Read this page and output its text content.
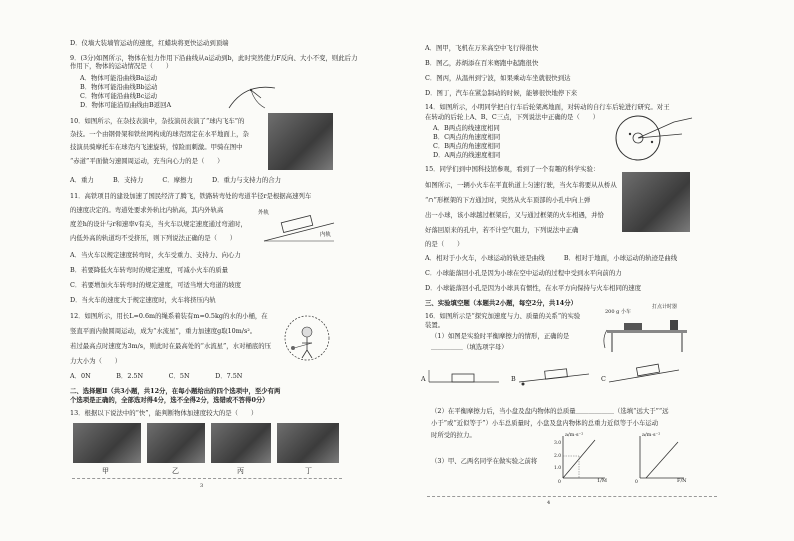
D．仪墙大装墙管运动的速度，红蜡块将更快运动到顶端
9．(3分)如图所示，物体在恒力作用下沿曲线从a运动到b，此时突然使力F反向、大小不变，则此后力作用下，物体的运动情况是（　　）
A．物体可能沿曲线Ba运动
B．物体可能沿曲线Bb运动
C．物体可能沿曲线Bc运动
D．物体可能沿原曲线由B返回A
10．如图所示，在杂技表演中，杂技演员表演了“球内飞车”的
杂技。一个由钢骨架和铁丝网构成的球壳固定在水平地面上，杂
技演员骑摩托车在球壳内飞速旋转，惊险而刺激。甲骑在图中
“赤道”平面做匀速圆周运动，充当向心力的是（　　）
A．重力　　　B．支持力　　　C．摩擦力　　　D．重力与支持力的合力
11．高铁项目的建设加速了国民经济了腾飞，铁路转弯处的弯道半径r是根据高速列车
的速度决定的。弯道处要求外轨比内轨高，其内外轨高
度差h的设计与r和速率v有关，当火车以规定速度通过弯道时，
内低外高的轨道均不受挤压，则下列说法正确的是（　　）
外轨
内轨
A．当火车以规定速度转弯时，火车受重力、支持力、向心力
B．若要降低火车转弯时的规定速度，可减小火车的质量
C．若要增加火车转弯时的规定速度，可适当增大弯道的坡度
D．当火车的速度大于规定速度时，火车将挤压内轨
12．如图所示，用长L=0.6m的绳系着装有m=0.5kg的水的小桶，在
竖直平面内做圆周运动，成为“水流星”，重力加速度g取10m/s²。
若过最高点时速度为3m/s，则此时在最高处的“水流星”，水对桶底的压
力大小为（　　）
A．0N　　　　B．2.5N　　　　C．5N　　　　D．7.5N
二、选择题Ⅱ（共3小题，共12分，在每小题给出的四个选项中，至少有两
个选项是正确的，全部选对得4分，选不全得2分，选错或不答得0分）
13．根据以下说法中的“快”，能判断物体加速度较大的是（　　）
甲	乙	丙	丁
3
A．图甲，飞机在万米高空中飞行得很快
B．图乙，苏炳添在百米赛跑中起跑很快
C．图丙，从温州到宁波，如果乘动车坐就很快到达
D．图丁，汽车在紧急制动的时候，能够很快地停下来
14．如图所示，小明同学把自行车后轮架离地面，对转动的自行车后轮进行研究。对王
在转动的后轮上A、B、C三点，下列说法中正确的是（　　）
A．B两点的线速度相同
B．C两点的角速度相同
C．B两点的角速度相同
D．A两点的线速度相同
15．同学们到中国科技馆参观，看到了一个有趣的科学实验：
如图所示，一辆小火车在平直轨道上匀速行驶，当火车将要从从桥从
“∩”形框架的下方通过时，突然从火车顶部的小孔中向上弹
出一小球，该小球越过框架后，又与通过框架的火车相遇，并恰
好落回原来的孔中，若不计空气阻力，下列说法中正确
的是（　　）
A．相对于小火车，小球运动的轨迹是曲线　　　B．相对于地面，小球运动的轨迹是曲线
C．小球能落回小孔是因为小球在空中运动的过程中受到水平向前的力
D．小球能落回小孔是因为小球具有惯性，在水平方向保持与火车相同的速度
三、实验填空题（本题共2小题，每空2分，共14分）
16．如图所示是“探究加速度与力、质量的关系”的实验
装置。
（1）如图是实验时平衡摩擦力的情形，正确的是
＿＿＿＿＿（填选项字母）
200 g 小车
打点计时器
A	B	C
（2）在平衡摩擦力后，当小盘及盘内物体的总质量＿＿＿＿＿＿（选填“远大于”“远
小于”或“近似等于”）小车总质量时，小盘及盘内物体的总重力近似等于小车运动
时所受的拉力。
（3）甲、乙两名同学在做实验之前将
a/m·s⁻²
1/M
3.0
2.0
1.0
0
a/m·s⁻²
F/N
0
4
